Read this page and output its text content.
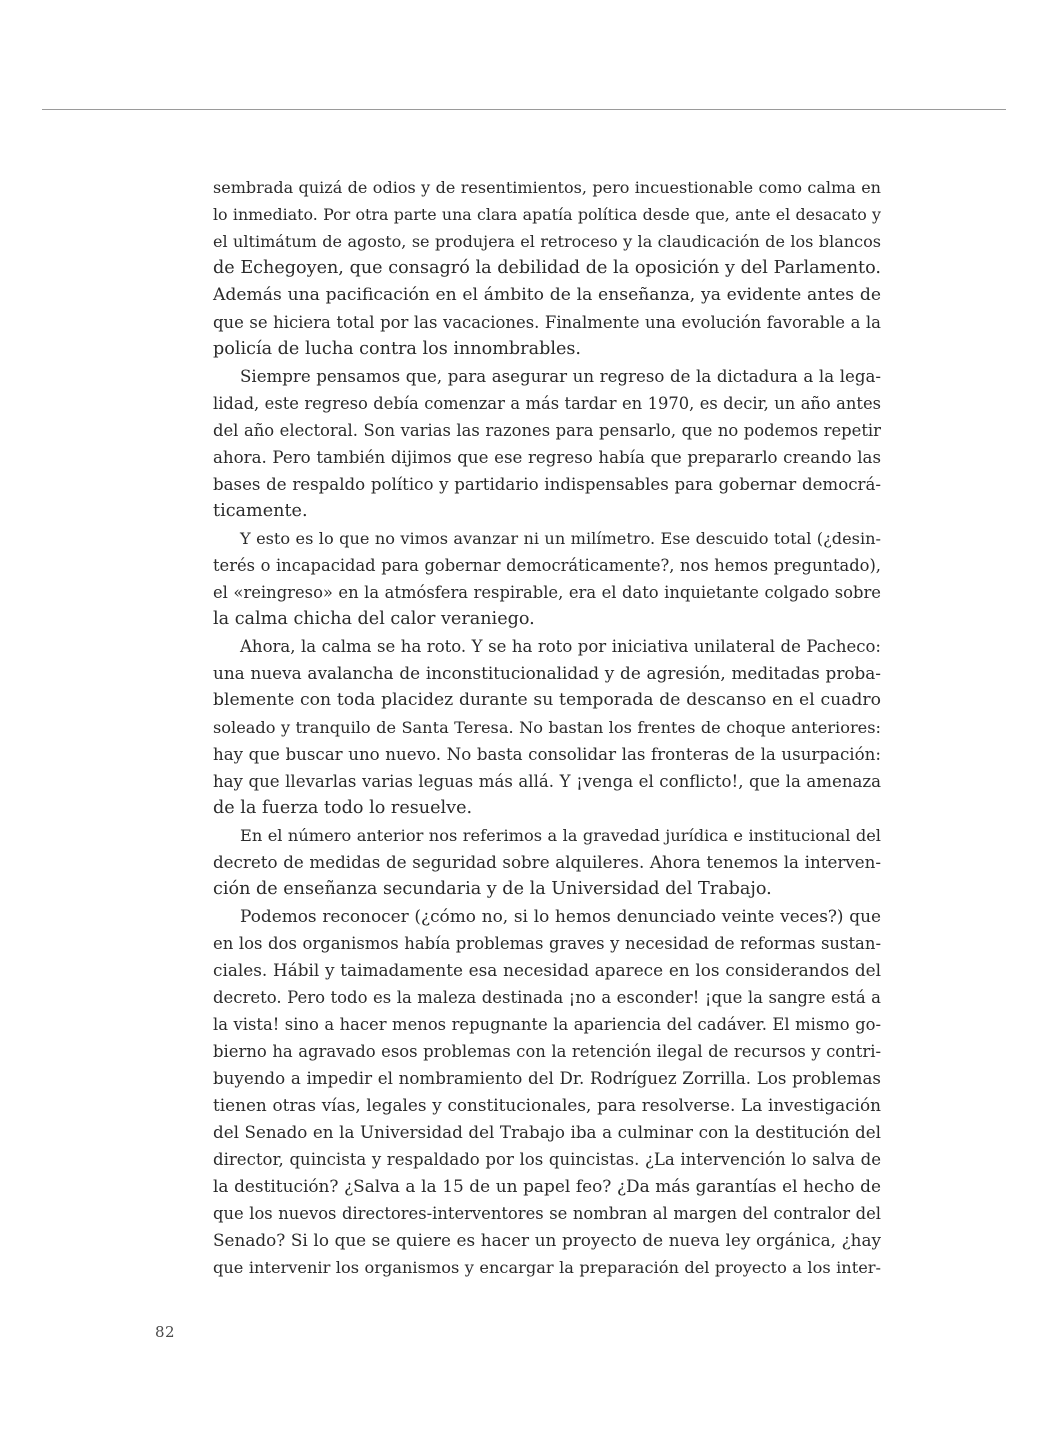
sembrada quizá de odios y de resentimientos, pero incuestionable como calma en
lo inmediato. Por otra parte una clara apatía política desde que, ante el desacato y
el ultimátum de agosto, se produjera el retroceso y la claudicación de los blancos
de Echegoyen, que consagró la debilidad de la oposición y del Parlamento.
Además una pacificación en el ámbito de la enseñanza, ya evidente antes de
que se hiciera total por las vacaciones. Finalmente una evolución favorable a la
policía de lucha contra los innombrables.
Siempre pensamos que, para asegurar un regreso de la dictadura a la lega-
lidad, este regreso debía comenzar a más tardar en 1970, es decir, un año antes
del año electoral. Son varias las razones para pensarlo, que no podemos repetir
ahora. Pero también dijimos que ese regreso había que prepararlo creando las
bases de respaldo político y partidario indispensables para gobernar democrá-
ticamente.
Y esto es lo que no vimos avanzar ni un milímetro. Ese descuido total (¿desin-
terés o incapacidad para gobernar democráticamente?, nos hemos preguntado),
el «reingreso» en la atmósfera respirable, era el dato inquietante colgado sobre
la calma chicha del calor veraniego.
Ahora, la calma se ha roto. Y se ha roto por iniciativa unilateral de Pacheco:
una nueva avalancha de inconstitucionalidad y de agresión, meditadas proba-
blemente con toda placidez durante su temporada de descanso en el cuadro
soleado y tranquilo de Santa Teresa. No bastan los frentes de choque anteriores:
hay que buscar uno nuevo. No basta consolidar las fronteras de la usurpación:
hay que llevarlas varias leguas más allá. Y ¡venga el conflicto!, que la amenaza
de la fuerza todo lo resuelve.
En el número anterior nos referimos a la gravedad jurídica e institucional del
decreto de medidas de seguridad sobre alquileres. Ahora tenemos la interven-
ción de enseñanza secundaria y de la Universidad del Trabajo.
Podemos reconocer (¿cómo no, si lo hemos denunciado veinte veces?) que
en los dos organismos había problemas graves y necesidad de reformas sustan-
ciales. Hábil y taimadamente esa necesidad aparece en los considerandos del
decreto. Pero todo es la maleza destinada ¡no a esconder! ¡que la sangre está a
la vista! sino a hacer menos repugnante la apariencia del cadáver. El mismo go-
bierno ha agravado esos problemas con la retención ilegal de recursos y contri-
buyendo a impedir el nombramiento del Dr. Rodríguez Zorrilla. Los problemas
tienen otras vías, legales y constitucionales, para resolverse. La investigación
del Senado en la Universidad del Trabajo iba a culminar con la destitución del
director, quincista y respaldado por los quincistas. ¿La intervención lo salva de
la destitución? ¿Salva a la 15 de un papel feo? ¿Da más garantías el hecho de
que los nuevos directores-interventores se nombran al margen del contralor del
Senado? Si lo que se quiere es hacer un proyecto de nueva ley orgánica, ¿hay
que intervenir los organismos y encargar la preparación del proyecto a los inter-
82
